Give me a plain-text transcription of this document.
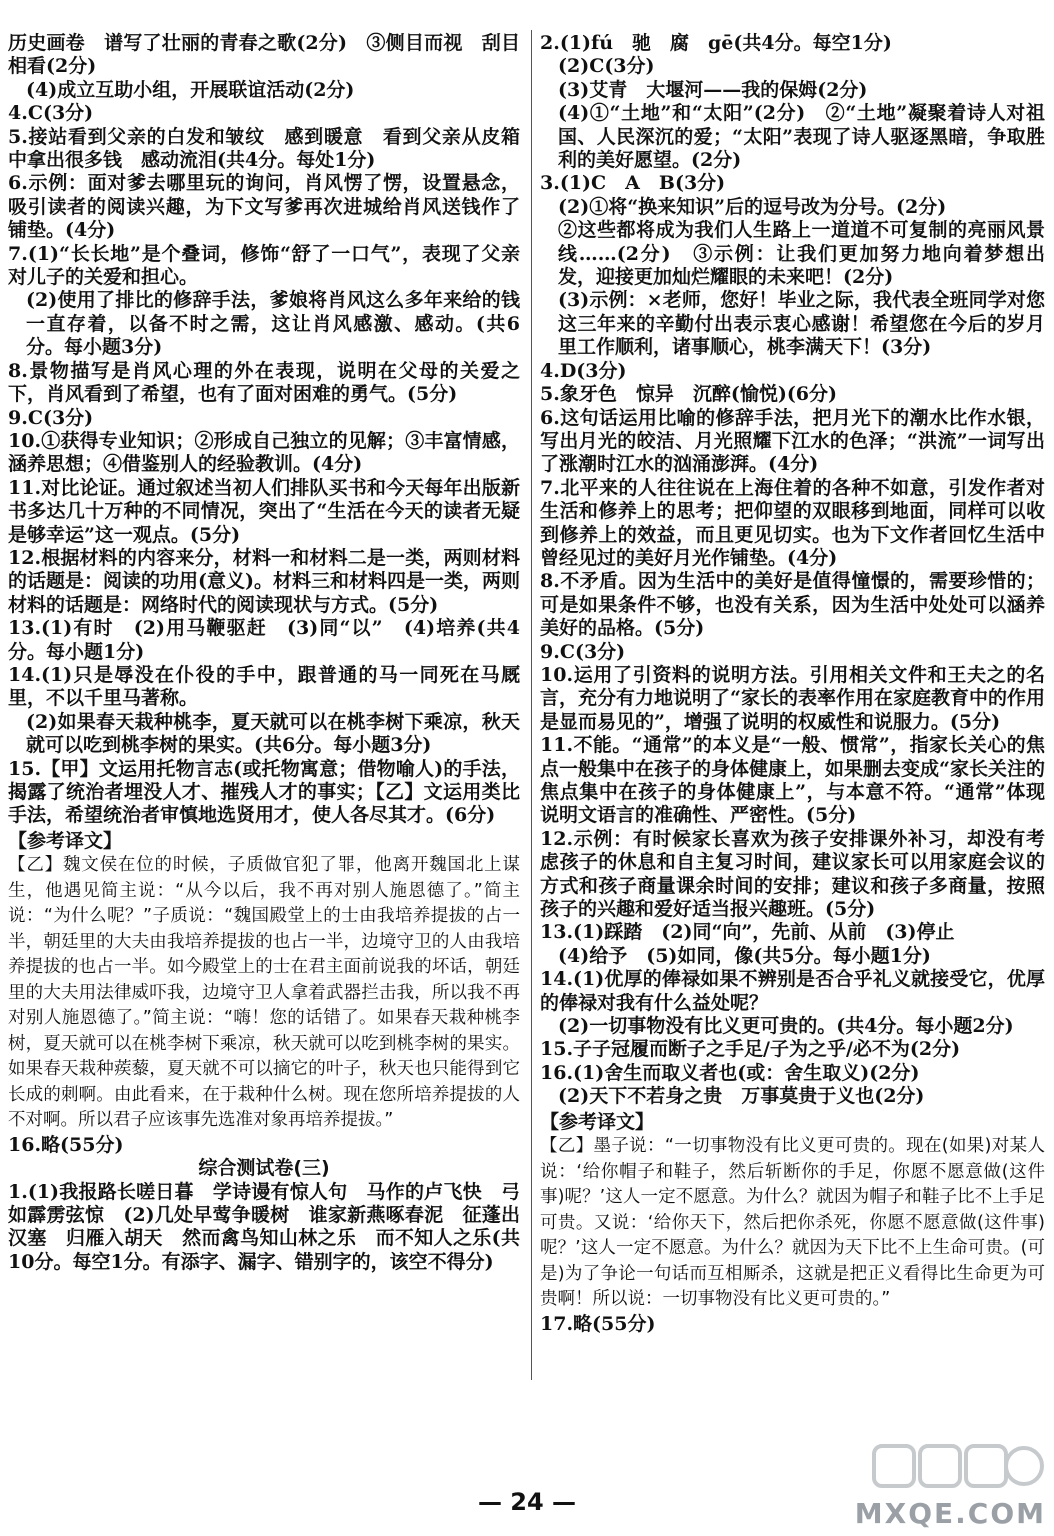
历史画卷　谱写了壮丽的青春之歌(2分)　③侧目而视　刮目相看(2分)

(4)成立互助小组，开展联谊活动(2分)

4.C(3分)

5.接站看到父亲的白发和皱纹　感到暖意　看到父亲从皮箱中拿出很多钱　感动流泪(共4分。每处1分)

6.示例：面对爹去哪里玩的询问，肖风愣了愣，设置悬念，吸引读者的阅读兴趣，为下文写爹再次进城给肖风送钱作了铺垫。(4分)

7.(1)“长长地”是个叠词，修饰“舒了一口气”，表现了父亲对儿子的关爱和担心。

(2)使用了排比的修辞手法，爹娘将肖风这么多年来给的钱一直存着，以备不时之需，这让肖风感激、感动。(共6分。每小题3分)

8.景物描写是肖风心理的外在表现，说明在父母的关爱之下，肖风看到了希望，也有了面对困难的勇气。(5分)

9.C(3分)

10.①获得专业知识；②形成自己独立的见解；③丰富情感，涵养思想；④借鉴别人的经验教训。(4分)

11.对比论证。通过叙述当初人们排队买书和今天每年出版新书多达几十万种的不同情况，突出了“生活在今天的读者无疑是够幸运”这一观点。(5分)

12.根据材料的内容来分，材料一和材料二是一类，两则材料的话题是：阅读的功用(意义)。材料三和材料四是一类，两则材料的话题是：网络时代的阅读现状与方式。(5分)

13.(1)有时　(2)用马鞭驱赶　(3)同“以”　(4)培养(共4分。每小题1分)

14.(1)只是辱没在仆役的手中，跟普通的马一同死在马厩里，不以千里马著称。

(2)如果春天栽种桃李，夏天就可以在桃李树下乘凉，秋天就可以吃到桃李树的果实。(共6分。每小题3分)

15.【甲】文运用托物言志(或托物寓意；借物喻人)的手法，揭露了统治者埋没人才、摧残人才的事实；【乙】文运用类比手法，希望统治者审慎地选贤用才，使人各尽其才。(6分)

【参考译文】

【乙】魏文侯在位的时候，子质做官犯了罪，他离开魏国北上谋生，他遇见简主说：“从今以后，我不再对别人施恩德了。”简主说：“为什么呢？”子质说：“魏国殿堂上的士由我培养提拔的占一半，朝廷里的大夫由我培养提拔的也占一半，边境守卫的人由我培养提拔的也占一半。如今殿堂上的士在君主面前说我的坏话，朝廷里的大夫用法律威吓我，边境守卫人拿着武器拦击我，所以我不再对别人施恩德了。”简主说：“嗨！您的话错了。如果春天栽种桃李树，夏天就可以在桃李树下乘凉，秋天就可以吃到桃李树的果实。如果春天栽种蒺藜，夏天就不可以摘它的叶子，秋天也只能得到它长成的刺啊。由此看来，在于栽种什么树。现在您所培养提拔的人不对啊。所以君子应该事先选准对象再培养提拔。”

16.略(55分)

综合测试卷(三)

1.(1)我报路长嗟日暮　学诗谩有惊人句　马作的卢飞快　弓如霹雳弦惊　(2)几处早莺争暖树　谁家新燕啄春泥　征蓬出汉塞　归雁入胡天　然而禽鸟知山林之乐　而不知人之乐(共10分。每空1分。有添字、漏字、错别字的，该空不得分)

2.(1)fú　驰　腐　gē(共4分。每空1分)

(2)C(3分)

(3)艾青　大堰河——我的保姆(2分)

(4)①“土地”和“太阳”(2分)　②“土地”凝聚着诗人对祖国、人民深沉的爱；“太阳”表现了诗人驱逐黑暗，争取胜利的美好愿望。(2分)

3.(1)C　A　B(3分)

(2)①将“换来知识”后的逗号改为分号。(2分)

②这些都将成为我们人生路上一道道不可复制的亮丽风景线……(2分)　③示例：让我们更加努力地向着梦想出发，迎接更加灿烂耀眼的未来吧！(2分)

(3)示例：×老师，您好！毕业之际，我代表全班同学对您这三年来的辛勤付出表示衷心感谢！希望您在今后的岁月里工作顺利，诸事顺心，桃李满天下！(3分)

4.D(3分)

5.象牙色　惊异　沉醉(愉悦)(6分)

6.这句话运用比喻的修辞手法，把月光下的潮水比作水银，写出月光的皎洁、月光照耀下江水的色泽；“洪流”一词写出了涨潮时江水的汹涌澎湃。(4分)

7.北平来的人往往说在上海住着的各种不如意，引发作者对生活和修养上的思考；把仰望的双眼移到地面，同样可以收到修养上的效益，而且更见切实。也为下文作者回忆生活中曾经见过的美好月光作铺垫。(4分)

8.不矛盾。因为生活中的美好是值得憧憬的，需要珍惜的；可是如果条件不够，也没有关系，因为生活中处处可以涵养美好的品格。(5分)

9.C(3分)

10.运用了引资料的说明方法。引用相关文件和王夫之的名言，充分有力地说明了“家长的表率作用在家庭教育中的作用是显而易见的”，增强了说明的权威性和说服力。(5分)

11.不能。“通常”的本义是“一般、惯常”，指家长关心的焦点一般集中在孩子的身体健康上，如果删去变成“家长关注的焦点集中在孩子的身体健康上”，与本意不符。“通常”体现说明文语言的准确性、严密性。(5分)

12.示例：有时候家长喜欢为孩子安排课外补习，却没有考虑孩子的休息和自主复习时间，建议家长可以用家庭会议的方式和孩子商量课余时间的安排；建议和孩子多商量，按照孩子的兴趣和爱好适当报兴趣班。(5分)

13.(1)踩踏　(2)同“向”，先前、从前　(3)停止

(4)给予　(5)如同，像(共5分。每小题1分)

14.(1)优厚的俸禄如果不辨别是否合乎礼义就接受它，优厚的俸禄对我有什么益处呢？

(2)一切事物没有比义更可贵的。(共4分。每小题2分)

15.子子冠履而断子之手足/子为之乎/必不为(2分)

16.(1)舍生而取义者也(或：舍生取义)(2分)

(2)天下不若身之贵　万事莫贵于义也(2分)

【参考译文】

【乙】墨子说：“一切事物没有比义更可贵的。现在(如果)对某人说：‘给你帽子和鞋子，然后斩断你的手足，你愿不愿意做(这件事)呢？’这人一定不愿意。为什么？就因为帽子和鞋子比不上手足可贵。又说：‘给你天下，然后把你杀死，你愿不愿意做(这件事)呢？’这人一定不愿意。为什么？就因为天下比不上生命可贵。(可是)为了争论一句话而互相厮杀，这就是把正义看得比生命更为可贵啊！所以说：一切事物没有比义更可贵的。”

17.略(55分)

— 24 —	MXQE.COM
